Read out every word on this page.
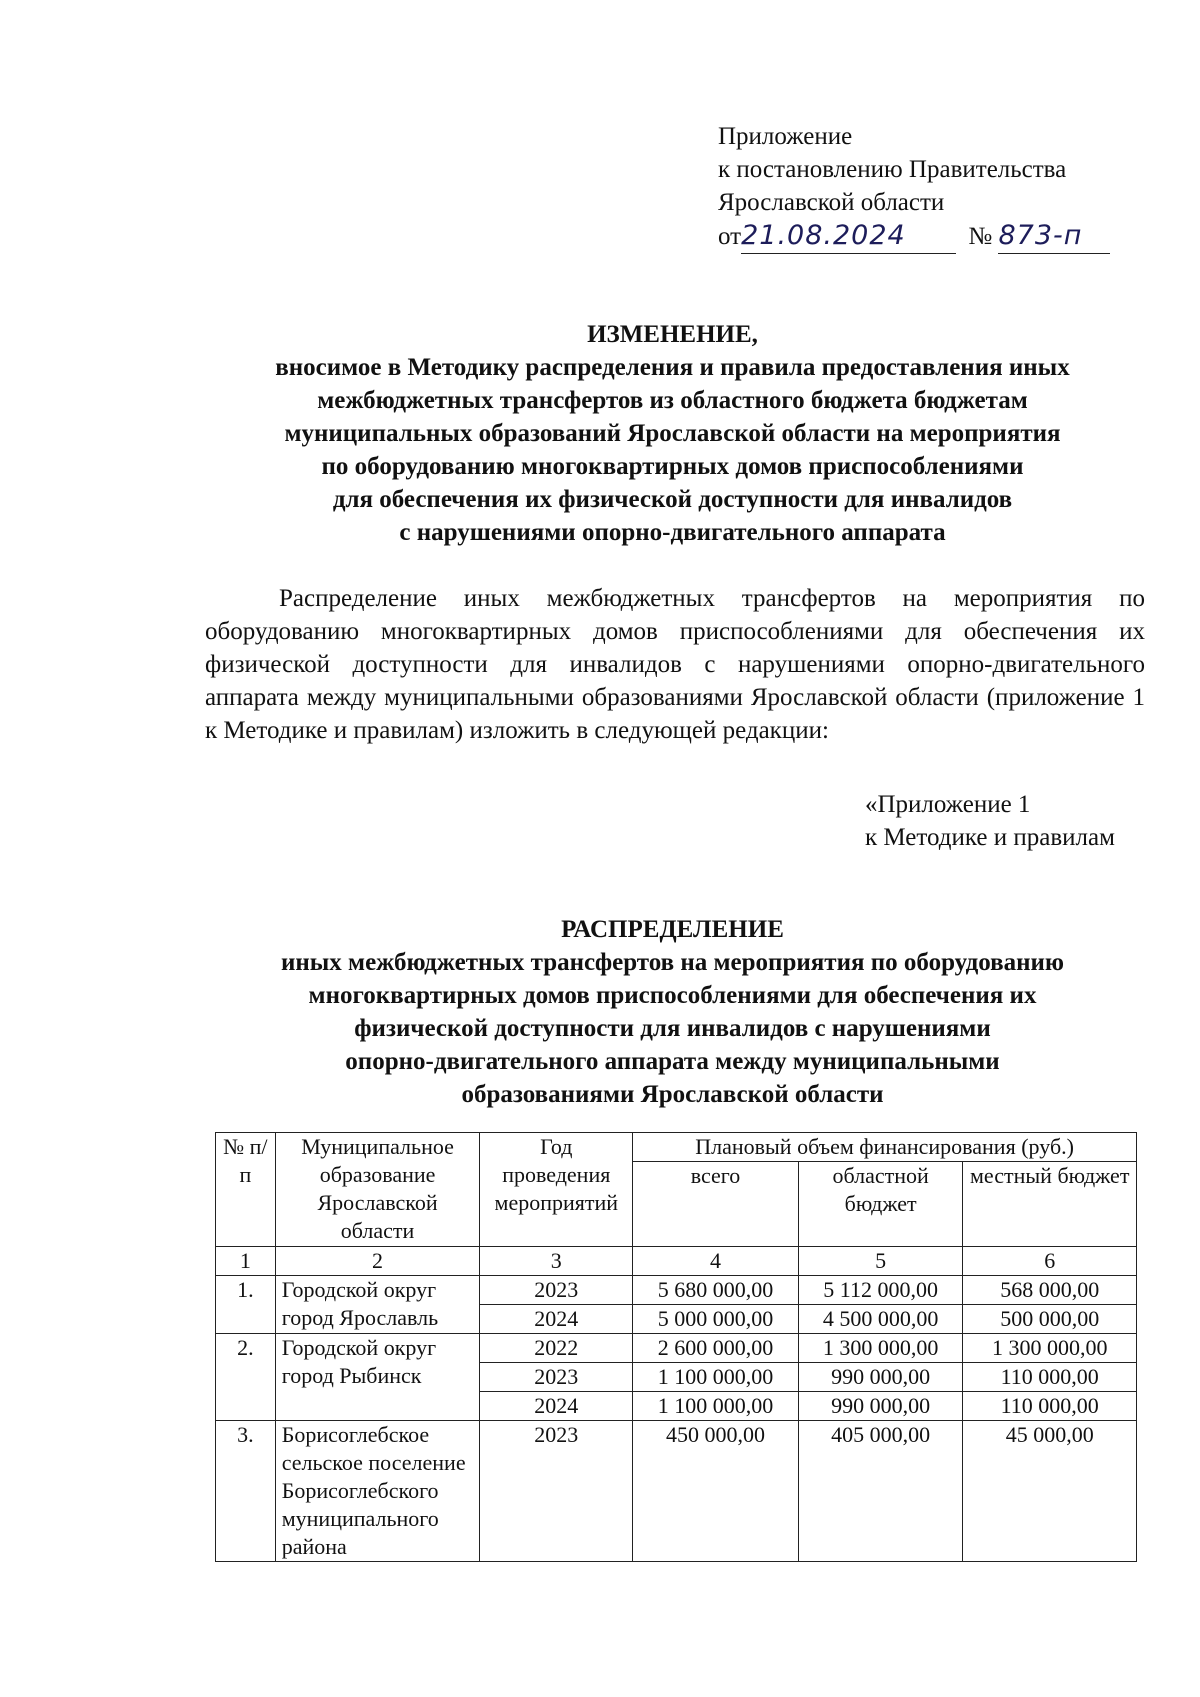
Приложение
к постановлению Правительства
Ярославской области
от21.08.2024	№ 873-п
ИЗМЕНЕНИЕ,
вносимое в Методику распределения и правила предоставления иных
межбюджетных трансфертов из областного бюджета бюджетам
муниципальных образований Ярославской области на мероприятия
по оборудованию многоквартирных домов приспособлениями
для обеспечения их физической доступности для инвалидов
с нарушениями опорно-двигательного аппарата
Распределение иных межбюджетных трансфертов на мероприятия по оборудованию многоквартирных домов приспособлениями для обеспечения их физической доступности для инвалидов с нарушениями опорно-двигательного аппарата между муниципальными образованиями Ярославской области (приложение 1 к Методике и правилам) изложить в следующей редакции:
«Приложение 1
к Методике и правилам
РАСПРЕДЕЛЕНИЕ
иных межбюджетных трансфертов на мероприятия по оборудованию
многоквартирных домов приспособлениями для обеспечения их
физической доступности для инвалидов с нарушениями
опорно-двигательного аппарата между муниципальными
образованиями Ярославской области
№ п/п	Муниципальное образование Ярославской области	Год проведения мероприятий	Плановый объем финансирования (руб.)		
			всего	областной бюджет	местный бюджет
1	2	3	4	5	6
1.	Городской округ город Ярославль	2023	5 680 000,00	5 112 000,00	568 000,00
		2024	5 000 000,00	4 500 000,00	500 000,00
2.	Городской округ город Рыбинск	2022	2 600 000,00	1 300 000,00	1 300 000,00
		2023	1 100 000,00	990 000,00	110 000,00
		2024	1 100 000,00	990 000,00	110 000,00
3.	Борисоглебское сельское поселение Борисоглебского муниципального района	2023	450 000,00	405 000,00	45 000,00
